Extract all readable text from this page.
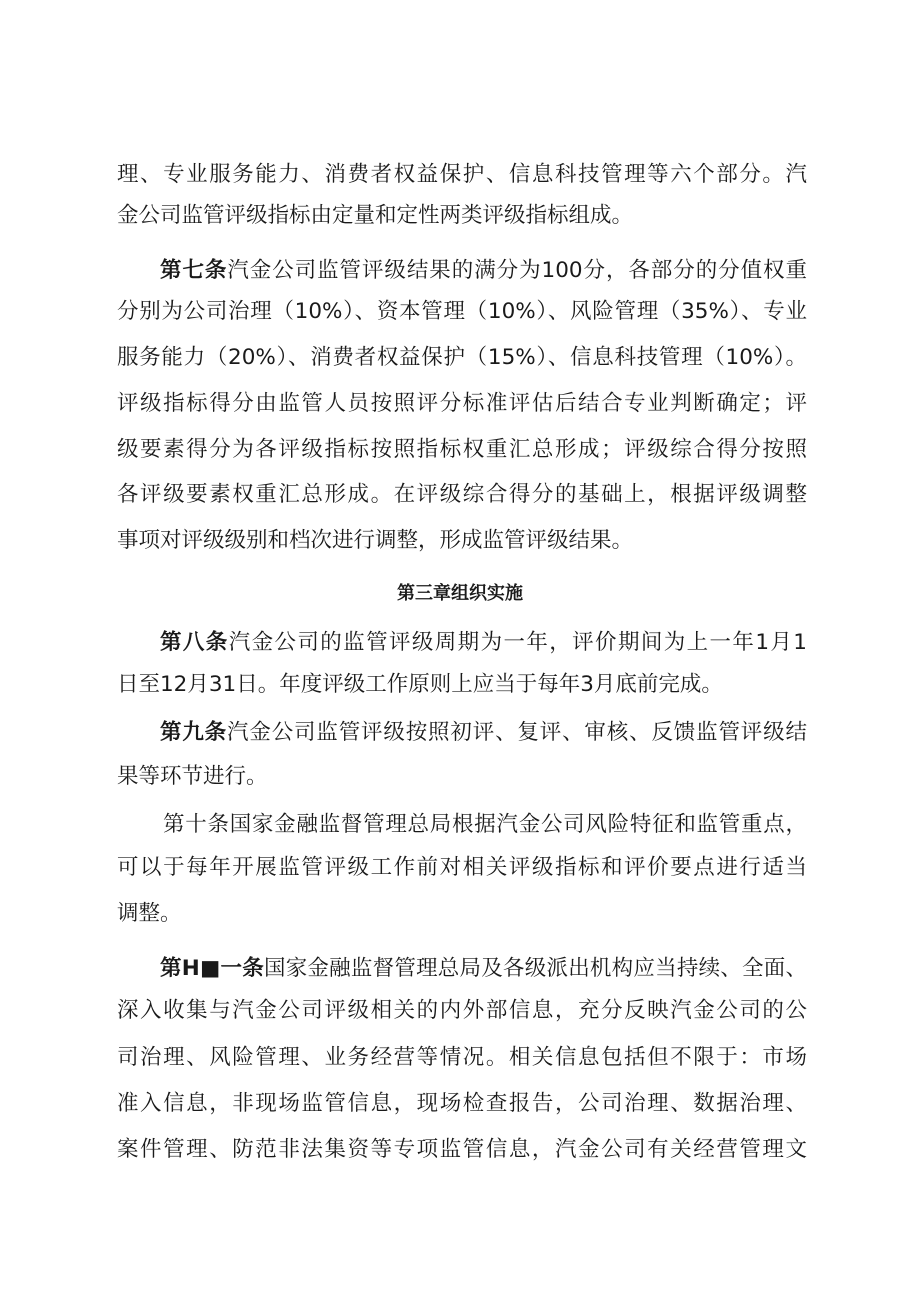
理、专业服务能力、消费者权益保护、信息科技管理等六个部分。汽
金公司监管评级指标由定量和定性两类评级指标组成。
第七条汽金公司监管评级结果的满分为100分，各部分的分值权重
分别为公司治理（10%）、资本管理（10%）、风险管理（35%）、专业
服务能力（20%）、消费者权益保护（15%）、信息科技管理（10%）。
评级指标得分由监管人员按照评分标准评估后结合专业判断确定；评
级要素得分为各评级指标按照指标权重汇总形成；评级综合得分按照
各评级要素权重汇总形成。在评级综合得分的基础上，根据评级调整
事项对评级级别和档次进行调整，形成监管评级结果。
第三章组织实施
第八条汽金公司的监管评级周期为一年，评价期间为上一年1月1
日至12月31日。年度评级工作原则上应当于每年3月底前完成。
第九条汽金公司监管评级按照初评、复评、审核、反馈监管评级结
果等环节进行。
第十条国家金融监督管理总局根据汽金公司风险特征和监管重点，
可以于每年开展监管评级工作前对相关评级指标和评价要点进行适当
调整。
第H■一条国家金融监督管理总局及各级派出机构应当持续、全面、
深入收集与汽金公司评级相关的内外部信息，充分反映汽金公司的公
司治理、风险管理、业务经营等情况。相关信息包括但不限于：市场
准入信息，非现场监管信息，现场检查报告，公司治理、数据治理、
案件管理、防范非法集资等专项监管信息，汽金公司有关经营管理文
